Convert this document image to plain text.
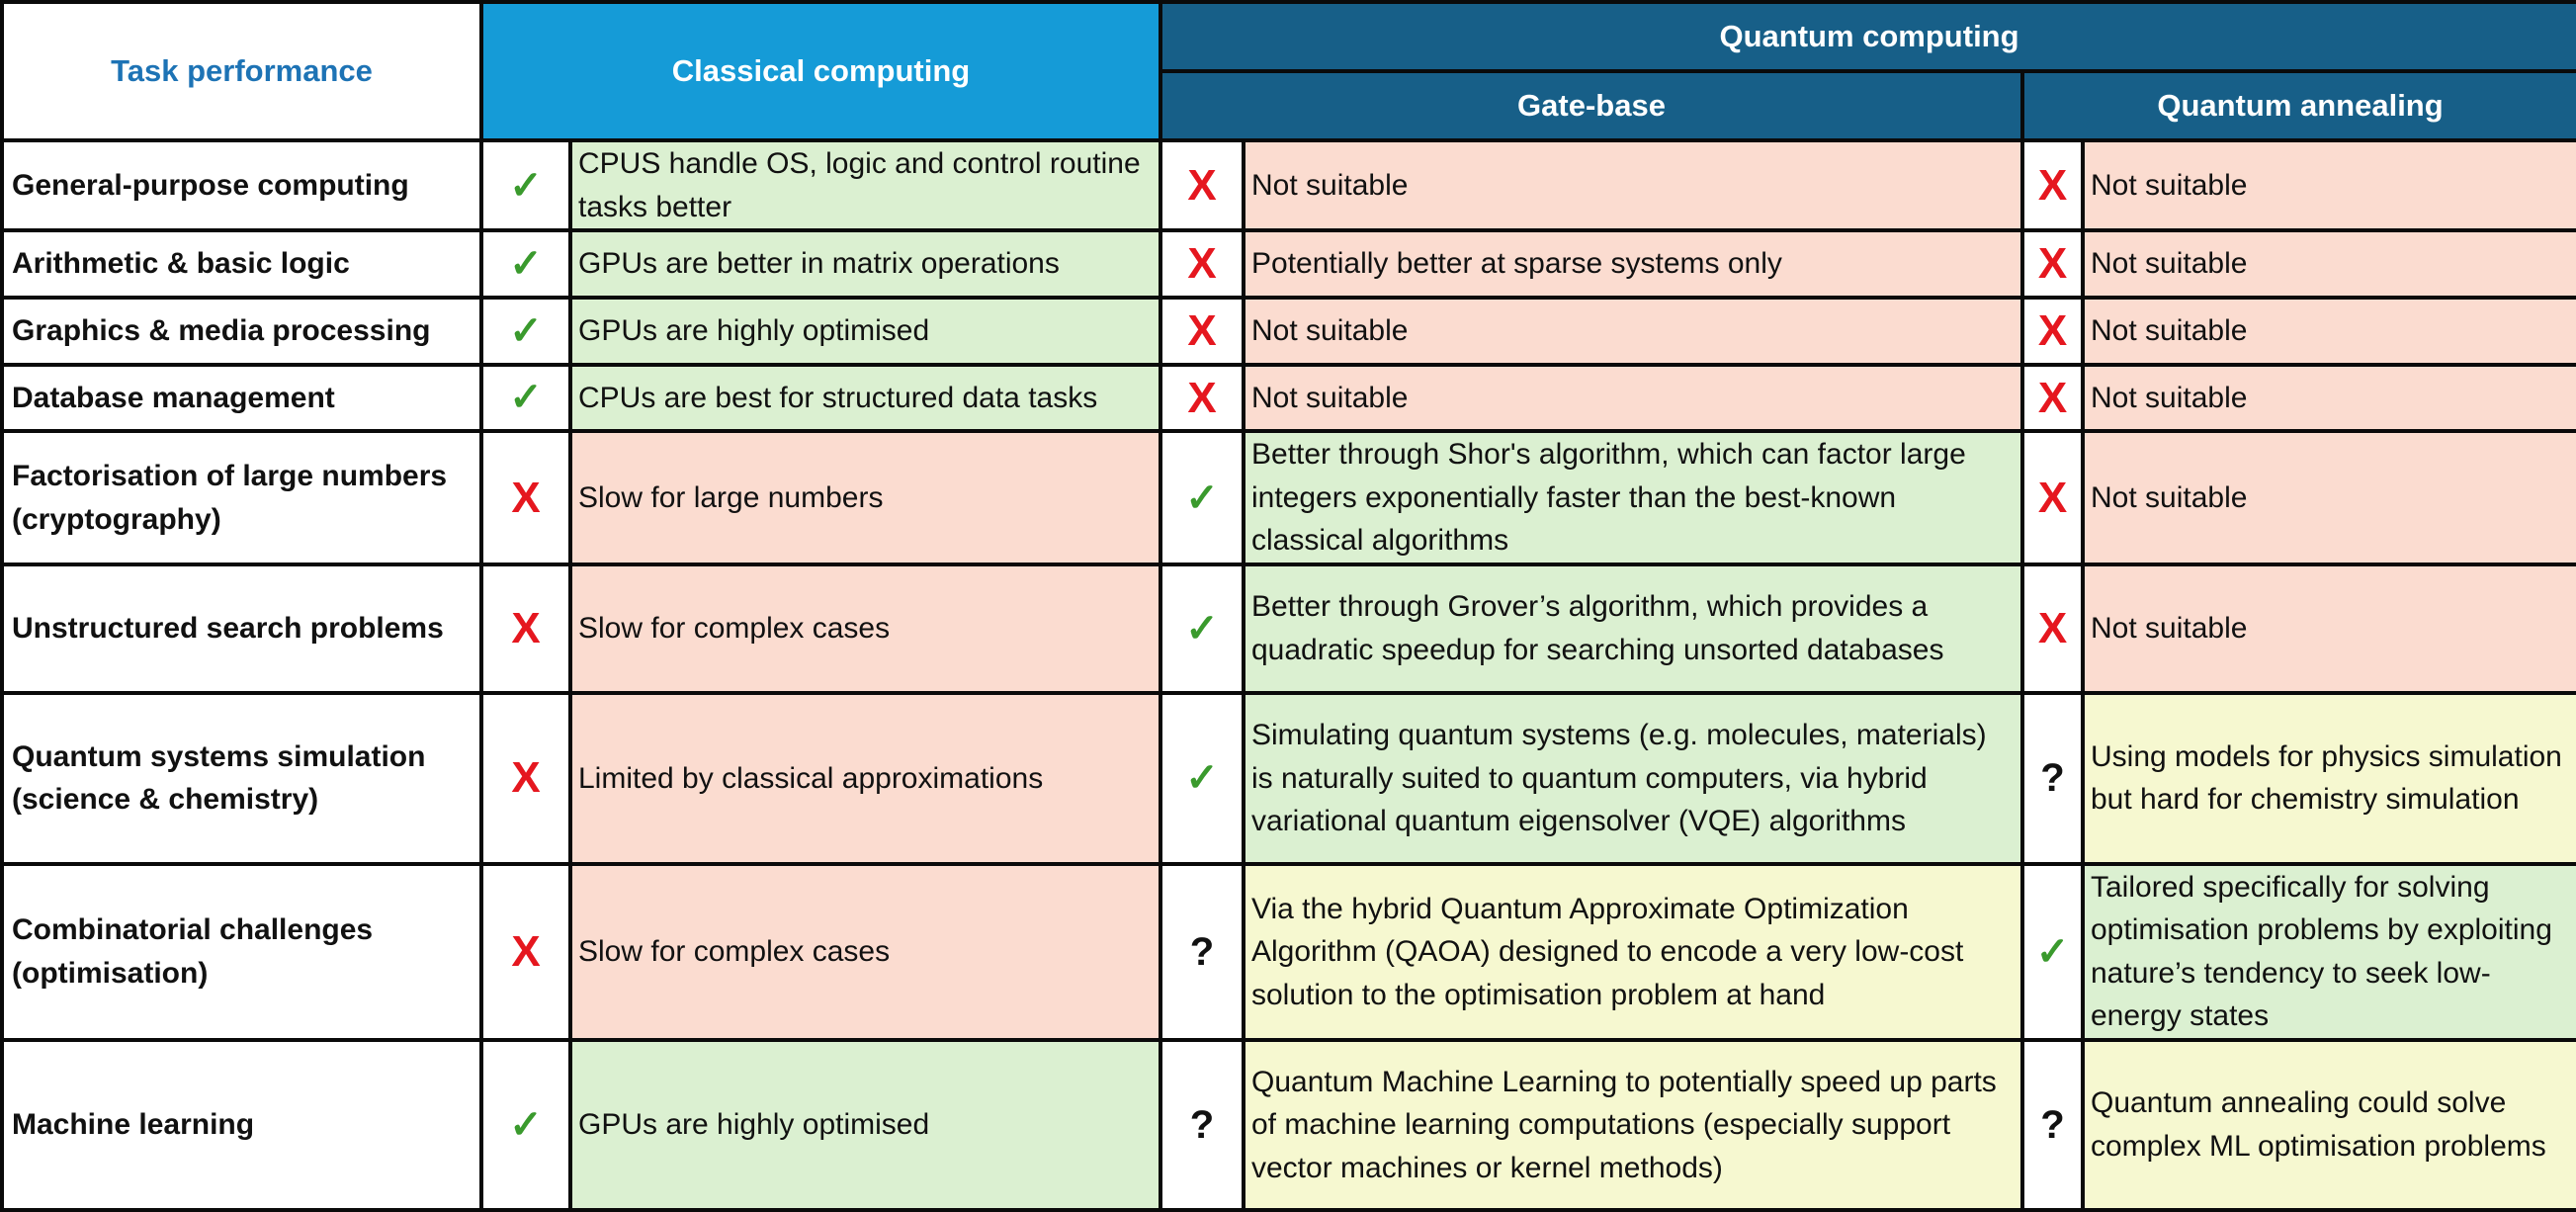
Task performance	Classical computing		Quantum computing			
			Gate-base		Quantum annealing	
General-purpose computing	✓	CPUS handle OS, logic and control routine tasks better	X	Not suitable	X	Not suitable
Arithmetic & basic logic	✓	GPUs are better in matrix operations	X	Potentially better at sparse systems only	X	Not suitable
Graphics & media processing	✓	GPUs are highly optimised	X	Not suitable	X	Not suitable
Database management	✓	CPUs are best for structured data tasks	X	Not suitable	X	Not suitable
Factorisation of large numbers (cryptography)	X	Slow for large numbers	✓	Better through Shor's algorithm, which can factor large integers exponentially faster than the best-known classical algorithms	X	Not suitable
Unstructured search problems	X	Slow for complex cases	✓	Better through Grover’s algorithm, which provides a quadratic speedup for searching unsorted databases	X	Not suitable
Quantum systems simulation (science & chemistry)	X	Limited by classical approximations	✓	Simulating quantum systems (e.g. molecules, materials) is naturally suited to quantum computers, via hybrid variational quantum eigensolver (VQE) algorithms	?	Using models for physics simulation but hard for chemistry simulation
Combinatorial challenges (optimisation)	X	Slow for complex cases	?	Via the hybrid Quantum Approximate Optimization Algorithm (QAOA) designed to encode a very low-cost solution to the optimisation problem at hand	✓	Tailored specifically for solving optimisation problems by exploiting nature’s tendency to seek low-energy states
Machine learning	✓	GPUs are highly optimised	?	Quantum Machine Learning to potentially speed up parts of machine learning computations (especially support vector machines or kernel methods)	?	Quantum annealing could solve complex ML optimisation problems
